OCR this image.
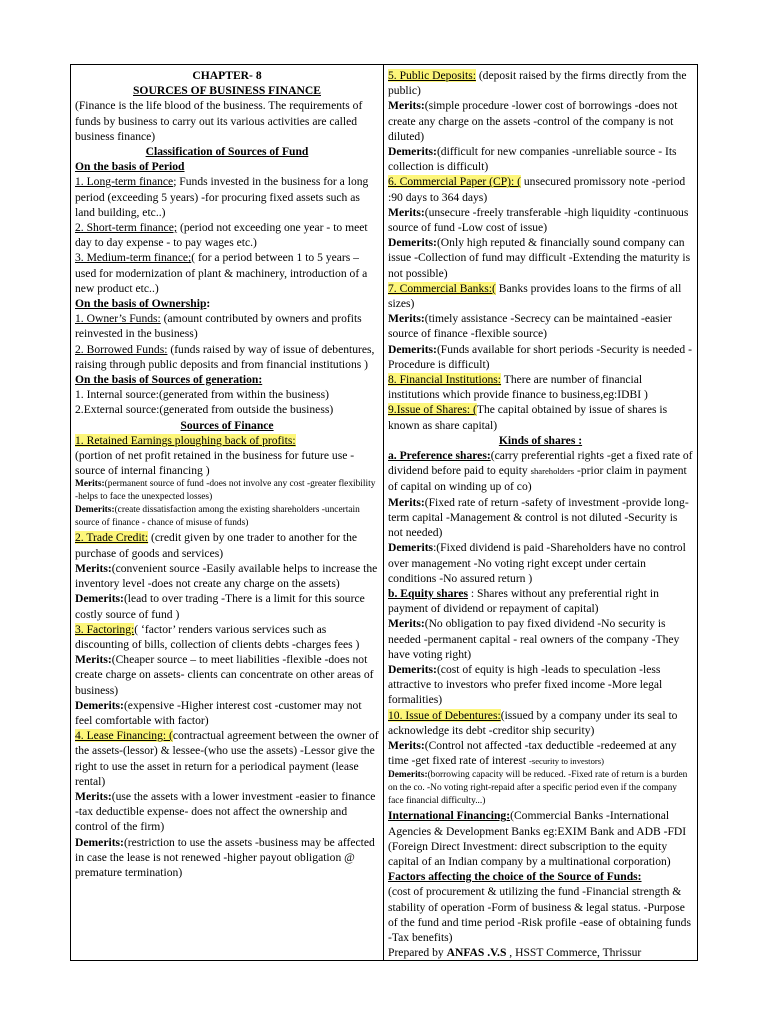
CHAPTER- 8

SOURCES OF BUSINESS FINANCE

(Finance is the life blood of the business. The requirements of funds by business to carry out its various activities are called business finance)

Classification of Sources of Fund

On the basis of Period

1. Long-term finance; Funds invested in the business for a long period (exceeding 5 years) -for procuring fixed assets such as land building, etc..)

2. Short-term finance; (period not exceeding one year - to meet day to day expense - to pay wages etc.)

3. Medium-term finance;( for a period between 1 to 5 years – used for modernization of plant & machinery, introduction of a new product etc..)

On the basis of Ownership:

1. Owner’s Funds: (amount contributed by owners and profits reinvested in the business)

2. Borrowed Funds: (funds raised by way of issue of debentures, raising through public deposits and from financial institutions )

On the basis of Sources of generation:

1. Internal source:(generated from within the business)

2.External source:(generated from outside the business)

Sources of Finance

1. Retained Earnings ploughing back of profits:

(portion of net profit retained in the business for future use -source of internal financing )

Merits:(permanent source of fund -does not involve any cost -greater flexibility -helps to face the unexpected losses)

Demerits:(create dissatisfaction among the existing shareholders -uncertain source of finance - chance of misuse of funds)

2. Trade Credit: (credit given by one trader to another for the purchase of goods and services)

Merits:(convenient source -Easily available helps to increase the inventory level -does not create any charge on the assets)

Demerits:(lead to over trading -There is a limit for this source costly source of fund )

3. Factoring:( ‘factor’ renders various services such as discounting of bills, collection of clients debts -charges fees )

Merits:(Cheaper source – to meet liabilities -flexible -does not create charge on assets- clients can concentrate on other areas of business)

Demerits:(expensive -Higher interest cost -customer may not feel comfortable with factor)

4. Lease Financing: (contractual agreement between the owner of the assets-(lessor) & lessee-(who use the assets) -Lessor give the right to use the asset in return for a periodical payment (lease rental)

Merits:(use the assets with a lower investment -easier to finance -tax deductible expense- does not affect the ownership and control of the firm)

Demerits:(restriction to use the assets -business may be affected in case the lease is not renewed -higher payout obligation @ premature termination)

5. Public Deposits: (deposit raised by the firms directly from the public)

Merits:(simple procedure -lower cost of borrowings -does not create any charge on the assets -control of the company is not diluted)

Demerits:(difficult for new companies -unreliable source - Its collection is difficult)

6. Commercial Paper (CP): ( unsecured promissory note -period :90 days to 364 days)

Merits:(unsecure -freely transferable -high liquidity -continuous source of fund -Low cost of issue)

Demerits:(Only high reputed & financially sound company can issue -Collection of fund may difficult -Extending the maturity is not possible)

7. Commercial Banks:( Banks provides loans to the firms of all sizes)

Merits:(timely assistance -Secrecy can be maintained -easier source of finance -flexible source)

Demerits:(Funds available for short periods -Security is needed -Procedure is difficult)

8. Financial Institutions: There are number of financial institutions which provide finance to business,eg:IDBI )

9.Issue of Shares: (The capital obtained by issue of shares is known as share capital)

Kinds of shares :

a. Preference shares:(carry preferential rights -get a fixed rate of dividend before paid to equity shareholders -prior claim in payment of capital on winding up of co)

Merits:(Fixed rate of return -safety of investment -provide long-term capital -Management & control is not diluted -Security is not needed)

Demerits:(Fixed dividend is paid -Shareholders have no control over management -No voting right except under certain conditions -No assured return )

b. Equity shares : Shares without any preferential right in payment of dividend or repayment of capital)

Merits:(No obligation to pay fixed dividend -No security is needed -permanent capital - real owners of the company -They have voting right)

Demerits:(cost of equity is high -leads to speculation -less attractive to investors who prefer fixed income -More legal formalities)

10. Issue of Debentures:(issued by a company under its seal to acknowledge its debt -creditor ship security)

Merits:(Control not affected -tax deductible -redeemed at any time -get fixed rate of interest -security to investors)

Demerits:(borrowing capacity will be reduced. -Fixed rate of return is a burden on the co. -No voting right-repaid after a specific period even if the company face financial difficulty...)

International Financing:(Commercial Banks -International Agencies & Development Banks eg:EXIM Bank and ADB -FDI (Foreign Direct Investment: direct subscription to the equity capital of an Indian company by a multinational corporation)

Factors affecting the choice of the Source of Funds:

(cost of procurement & utilizing the fund -Financial strength & stability of operation -Form of business & legal status. -Purpose of the fund and time period -Risk profile -ease of obtaining funds -Tax benefits)

Prepared by ANFAS .V.S , HSST Commerce, Thrissur
